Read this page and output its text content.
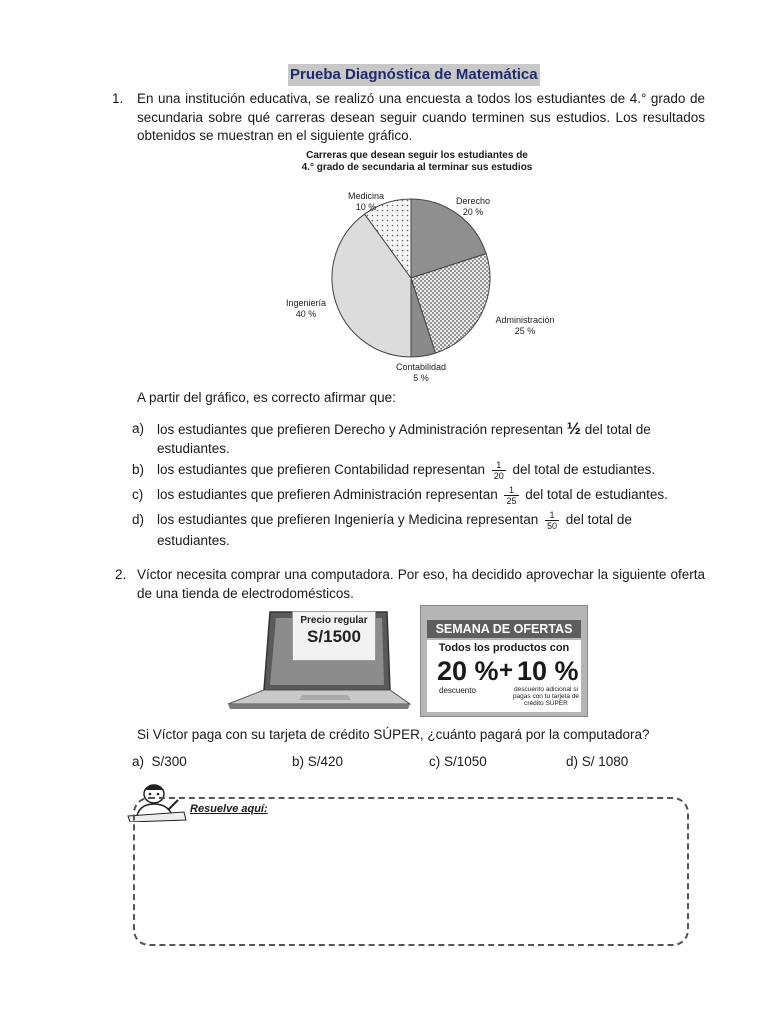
Prueba Diagnóstica de Matemática
1. En una institución educativa, se realizó una encuesta a todos los estudiantes de 4.° grado de secundaria sobre qué carreras desean seguir cuando terminen sus estudios. Los resultados obtenidos se muestran en el siguiente gráfico.
Carreras que desean seguir los estudiantes de
4.° grado de secundaria al terminar sus estudios
Derecho
20 %
Administración
25 %
Contabilidad
5 %
Ingeniería
40 %
Medicina
10 %
A partir del gráfico, es correcto afirmar que:
a) los estudiantes que prefieren Derecho y Administración representan ½ del total de
estudiantes.
b) los estudiantes que prefieren Contabilidad representan $\frac{1}{20}$ del total de estudiantes.
c) los estudiantes que prefieren Administración representan $\frac{1}{25}$ del total de estudiantes.
d) los estudiantes que prefieren Ingeniería y Medicina representan $\frac{1}{50}$ del total de
estudiantes.
2. Víctor necesita comprar una computadora. Por eso, ha decidido aprovechar la siguiente oferta de una tienda de electrodomésticos.
Precio regular
S/1500	SEMANA DE OFERTAS
Todos los productos con
20 % + 10 %
descuento	descuento adicional si
pagas con tu tarjeta de
crédito SÚPER
Si Víctor paga con su tarjeta de crédito SÚPER, ¿cuánto pagará por la computadora?
a) S/300	b) S/420	c) S/1050	d) S/ 1080
Resuelve aquí:
